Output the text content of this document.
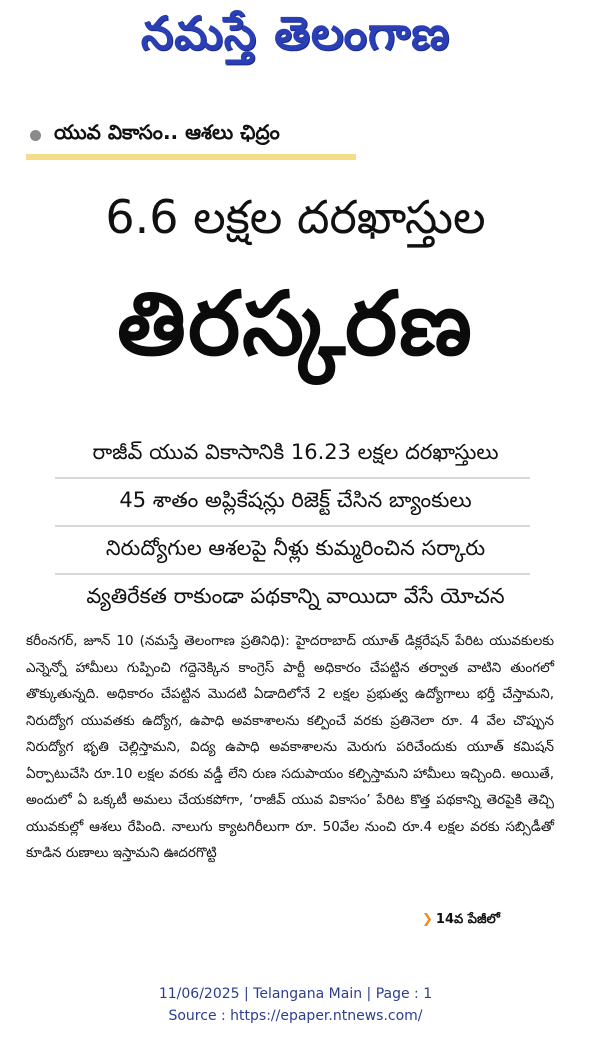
నమస్తే తెలంగాణ
యువ వికాసం.. ఆశలు ఛిద్రం
6.6 లక్షల దరఖాస్తుల
తిరస్కరణ
రాజీవ్ యువ వికాసానికి 16.23 లక్షల దరఖాస్తులు
45 శాతం అప్లికేషన్లు రిజెక్ట్ చేసిన బ్యాంకులు
నిరుద్యోగుల ఆశలపై నీళ్లు కుమ్మరించిన సర్కారు
వ్యతిరేకత రాకుండా పథకాన్ని వాయిదా వేసే యోచన

కరీంనగర్, జూన్ 10 (నమస్తే తెలంగాణ ప్రతినిధి): హైదరాబాద్ యూత్ డిక్లరేషన్ పేరిట యువకులకు ఎన్నెన్నో హామీలు గుప్పించి గద్దెనెక్కిన కాంగ్రెస్ పార్టీ అధికారం చేపట్టిన తర్వాత వాటిని తుంగలో తొక్కుతున్నది. అధికారం చేపట్టిన మొదటి ఏడాదిలోనే 2 లక్షల ప్రభుత్వ ఉద్యోగాలు భర్తీ చేస్తామని, నిరుద్యోగ యువతకు ఉద్యోగ, ఉపాధి అవకాశాలను కల్పించే వరకు ప్రతినెలా రూ. 4 వేల చొప్పున నిరుద్యోగ భృతి చెల్లిస్తామని, విద్య ఉపాధి అవకాశాలను మెరుగు పరిచేందుకు యూత్ కమిషన్ ఏర్పాటుచేసి రూ.10 లక్షల వరకు వడ్డీ లేని రుణ సదుపాయం కల్పిస్తామని హామీలు ఇచ్చింది. అయితే, అందులో ఏ ఒక్కటీ అమలు చేయకపోగా, ‘రాజీవ్ యువ వికాసం’ పేరిట కొత్త పథకాన్ని తెరపైకి తెచ్చి యువకుల్లో ఆశలు రేపింది. నాలుగు క్యాటగిరీలుగా రూ. 50వేల నుంచి రూ.4 లక్షల వరకు సబ్సిడీతో కూడిన రుణాలు ఇస్తామని ఊదరగొట్టి

❯ 14వ పేజీలో
11/06/2025 | Telangana Main | Page : 1
Source : https://epaper.ntnews.com/
